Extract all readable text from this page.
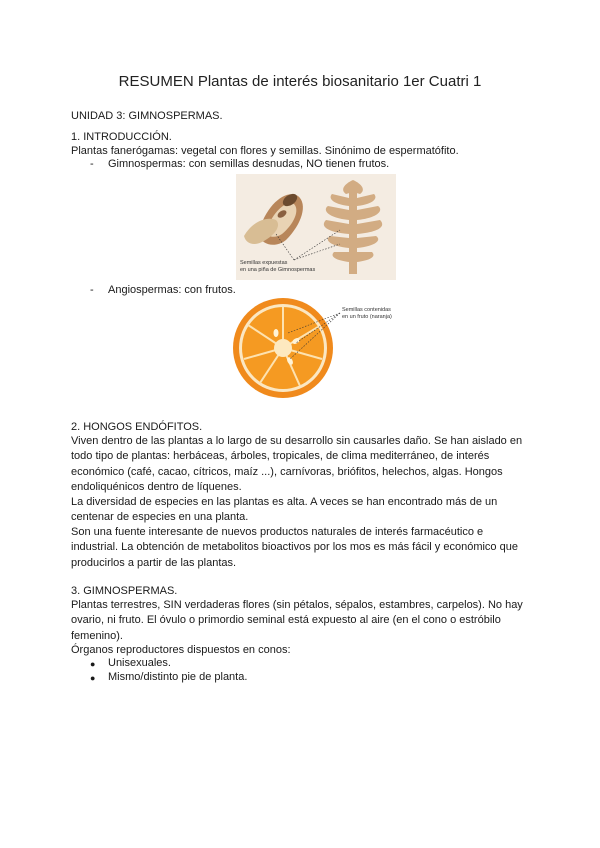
RESUMEN Plantas de interés biosanitario 1er Cuatri 1
UNIDAD 3: GIMNOSPERMAS.
1. INTRODUCCIÓN.
Plantas fanerógamas: vegetal con flores y semillas. Sinónimo de espermatófito.
- Gimnospermas: con semillas desnudas, NO tienen frutos.
Semillas expuestas
en una piña de Gimnospermas
- Angiospermas: con frutos.
Semillas contenidas
en un fruto (naranja)
2. HONGOS ENDÓFITOS.
Viven dentro de las plantas a lo largo de su desarrollo sin causarles daño. Se han aislado en todo tipo de plantas: herbáceas, árboles, tropicales, de clima mediterráneo, de interés económico (café, cacao, cítricos, maíz ...), carnívoras, briófitos, helechos, algas. Hongos endoliquénicos dentro de líquenes.
La diversidad de especies en las plantas es alta. A veces se han encontrado más de un centenar de especies en una planta.
Son una fuente interesante de nuevos productos naturales de interés farmacéutico e industrial. La obtención de metabolitos bioactivos por los mos es más fácil y económico que producirlos a partir de las plantas.
3. GIMNOSPERMAS.
Plantas terrestres, SIN verdaderas flores (sin pétalos, sépalos, estambres, carpelos). No hay ovario, ni fruto. El óvulo o primordio seminal está expuesto al aire (en el cono o estróbilo femenino).
Órganos reproductores dispuestos en conos:
● Unisexuales.
● Mismo/distinto pie de planta.
